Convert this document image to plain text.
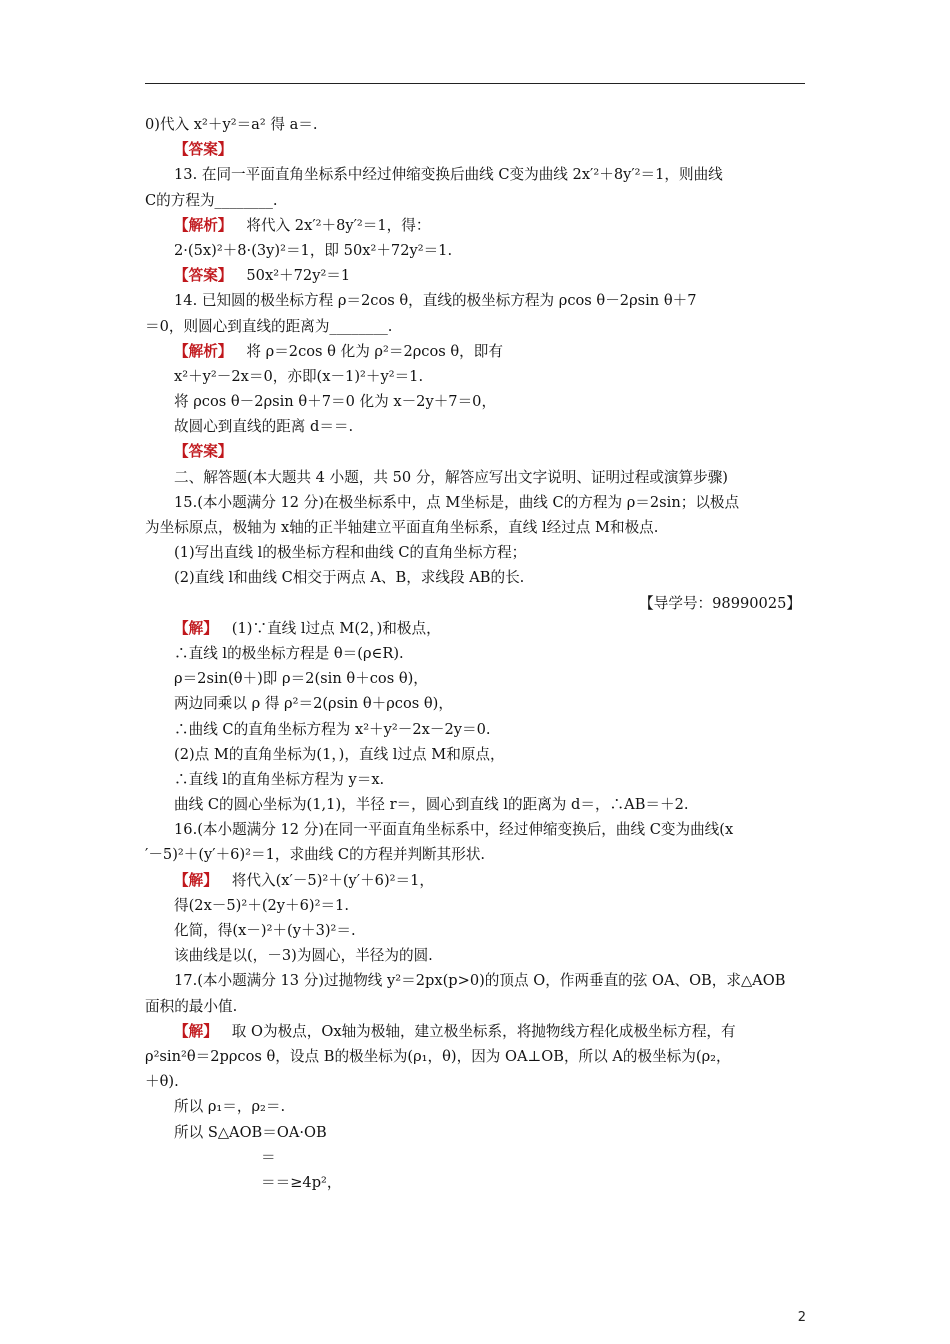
0)代入 x²＋y²＝a² 得 a＝.
【答案】
13. 在同一平面直角坐标系中经过伸缩变换后曲线 C变为曲线 2x′²＋8y′²＝1，则曲线
C的方程为________.
【解析】 将代入 2x′²＋8y′²＝1，得：
2·(5x)²＋8·(3y)²＝1，即 50x²＋72y²＝1.
【答案】 50x²＋72y²＝1
14. 已知圆的极坐标方程 ρ＝2cos θ，直线的极坐标方程为 ρcos θ－2ρsin θ＋7
＝0，则圆心到直线的距离为________.
【解析】 将 ρ＝2cos θ 化为 ρ²＝2ρcos θ，即有
x²＋y²－2x＝0，亦即(x－1)²＋y²＝1.
将 ρcos θ－2ρsin θ＋7＝0 化为 x－2y＋7＝0，
故圆心到直线的距离 d＝＝.
【答案】
二、解答题(本大题共 4 小题，共 50 分，解答应写出文字说明、证明过程或演算步骤)
15.(本小题满分 12 分)在极坐标系中，点 M坐标是，曲线 C的方程为 ρ＝2sin；以极点
为坐标原点，极轴为 x轴的正半轴建立平面直角坐标系，直线 l经过点 M和极点.
(1)写出直线 l的极坐标方程和曲线 C的直角坐标方程；
(2)直线 l和曲线 C相交于两点 A、B，求线段 AB的长.
【导学号：98990025】
【解】 (1)∵直线 l过点 M(2，)和极点，
∴直线 l的极坐标方程是 θ＝(ρ∈R).
ρ＝2sin(θ＋)即 ρ＝2(sin θ＋cos θ)，
两边同乘以 ρ 得 ρ²＝2(ρsin θ＋ρcos θ)，
∴曲线 C的直角坐标方程为 x²＋y²－2x－2y＝0.
(2)点 M的直角坐标为(1，)，直线 l过点 M和原点，
∴直线 l的直角坐标方程为 y＝x.
曲线 C的圆心坐标为(1,1)，半径 r＝，圆心到直线 l的距离为 d＝，∴AB＝＋2.
16.(本小题满分 12 分)在同一平面直角坐标系中，经过伸缩变换后，曲线 C变为曲线(x
′－5)²＋(y′＋6)²＝1，求曲线 C的方程并判断其形状.
【解】 将代入(x′－5)²＋(y′＋6)²＝1，
得(2x－5)²＋(2y＋6)²＝1.
化简，得(x－)²＋(y＋3)²＝.
该曲线是以(，－3)为圆心，半径为的圆.
17.(本小题满分 13 分)过抛物线 y²＝2px(p>0)的顶点 O，作两垂直的弦 OA、OB，求△AOB
面积的最小值.
【解】 取 O为极点，Ox轴为极轴，建立极坐标系，将抛物线方程化成极坐标方程，有
ρ²sin²θ＝2pρcos θ，设点 B的极坐标为(ρ₁，θ)，因为 OA⊥OB，所以 A的极坐标为(ρ₂，
＋θ).
所以 ρ₁＝，ρ₂＝.
所以 S△AOB＝OA·OB
＝
＝＝≥4p²，
2
